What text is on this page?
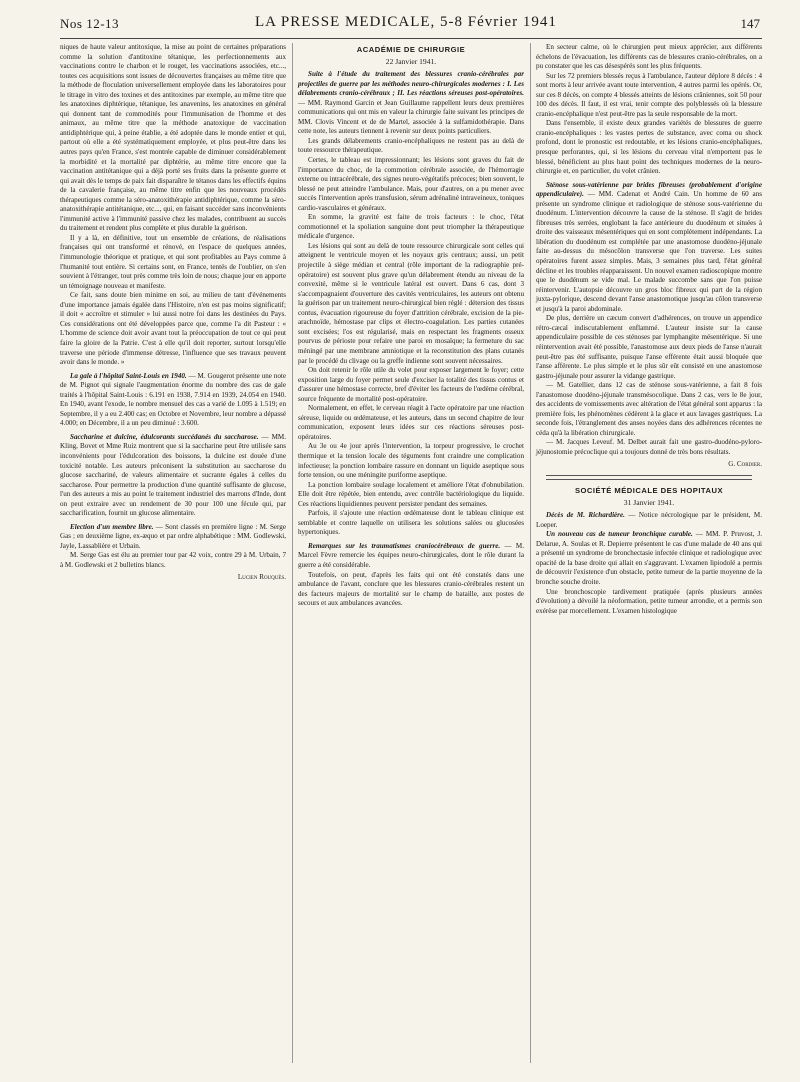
Nos 12-13	LA PRESSE MEDICALE, 5-8 Février 1941	147

niques de haute valeur antitoxique, la mise au point de certaines préparations comme la solution d'antitoxine tétanique, les perfectionnements aux vaccinations contre le charbon et le rouget, les vaccinations associées, etc..., toutes ces acquisitions sont issues de découvertes françaises au même titre que la méthode de floculation universellement employée dans les laboratoires pour le titrage in vitro des toxines et des antitoxines par exemple, au même titre que les anatoxines diphtérique, tétanique, les anavenins, les anatoxines en général qui donnent tant de commodités pour l'immunisation de l'homme et des animaux, au même titre que la méthode anatoxique de vaccination antidiphtérique qui, à peine établie, a été adoptée dans le monde entier et qui, partout où elle a été systématiquement employée, et plus peut-être dans les autres pays qu'en France, s'est montrée capable de diminuer considérablement la morbidité et la mortalité par diphtérie, au même titre encore que la vaccination antitétanique qui a déjà porté ses fruits dans la présente guerre et qui avait dès le temps de paix fait disparaître le tétanos dans les effectifs équins de la cavalerie française, au même titre enfin que les nouveaux procédés thérapeutiques comme la séro-anatoxithérapie antidiphtérique, comme la séro-anatoxithérapie antitétanique, etc..., qui, en faisant succéder sans inconvénients l'immunité active à l'immunité passive chez les malades, contribuent au succès du traitement et rendent plus complète et plus durable la guérison.

Il y a là, en définitive, tout un ensemble de créations, de réalisations françaises qui ont transformé et rénové, en l'espace de quelques années, l'immunologie théorique et pratique, et qui sont profitables au Pays comme à l'humanité tout entière. Si certains sont, en France, tentés de l'oublier, on s'en souvient à l'étranger, tout près comme très loin de nous; chaque jour en apporte un témoignage nouveau et manifeste.

Ce fait, sans doute bien minime en soi, au milieu de tant d'événements d'une importance jamais égalée dans l'Histoire, n'en est pas moins significatif; il doit « accroître et stimuler » lui aussi notre foi dans les destinées du Pays. Ces considérations ont été développées parce que, comme l'a dit Pasteur : « L'homme de science doit avoir avant tout la préoccupation de tout ce qui peut faire la gloire de la Patrie. C'est à elle qu'il doit reporter, surtout lorsqu'elle traverse une période d'immense détresse, l'influence que ses travaux peuvent avoir dans le monde. »

La gale à l'hôpital Saint-Louis en 1940. — M. Gougerot présente une note de M. Pignot qui signale l'augmentation énorme du nombre des cas de gale traités à l'hôpital Saint-Louis : 6.191 en 1938, 7.914 en 1939, 24.054 en 1940. En 1940, avant l'exode, le nombre mensuel des cas a varié de 1.095 à 1.519; en Septembre, il y a eu 2.400 cas; en Octobre et Novembre, leur nombre a dépassé 4.000; en Décembre, il a un peu diminué : 3.600.

Saccharine et dulcine, édulcorants succédanés du saccharose. — MM. Kling, Bovet et Mme Ruiz montrent que si la saccharine peut être utilisée sans inconvénients pour l'édulcoration des boissons, la dulcine est douée d'une toxicité notable. Les auteurs préconisent la substitution au saccharose du glucose sacchariné, de valeurs alimentaire et sucrante égales à celles du saccharose. Pour permettre la production d'une quantité suffisante de glucose, l'un des auteurs a mis au point le traitement industriel des marrons d'Inde, dont on peut extraire avec un rendement de 30 pour 100 une fécule qui, par saccharification, fournit un glucose alimentaire.

Election d'un membre libre. — Sont classés en première ligne : M. Serge Gas ; en deuxième ligne, ex-æquo et par ordre alphabétique : MM. Godlewski, Jayle, Lassablière et Urbain.

M. Serge Gas est élu au premier tour par 42 voix, contre 29 à M. Urbain, 7 à M. Godlewski et 2 bulletins blancs.

Lucien Rouquès.
ACADÉMIE DE CHIRURGIE
22 Janvier 1941.

Suite à l'étude du traitement des blessures cranio-cérébrales par projectiles de guerre par les méthodes neuro-chirurgicales modernes : I. Les délabrements cranio-cérébraux ; II. Les réactions séreuses post-opératoires. — MM. Raymond Garcin et Jean Guillaume rappellent leurs deux premières communications qui ont mis en valeur la chirurgie faite suivant les principes de MM. Clovis Vincent et de de Martel, associée à la sulfamidothérapie. Dans cette note, les auteurs tiennent à revenir sur deux points particuliers.

Les grands délabrements cranio-encéphaliques ne restent pas au delà de toute ressource thérapeutique.

Certes, le tableau est impressionnant; les lésions sont graves du fait de l'importance du choc, de la commotion cérébrale associée, de l'hémorragie externe ou intracérébrale, des signes neuro-végétatifs précoces; bien souvent, le blessé ne peut atteindre l'ambulance. Mais, pour d'autres, on a pu mener avec succès l'intervention après transfusion, sérum adrénaliné intraveineux, toniques cardio-vasculaires et généraux.

En somme, la gravité est faite de trois facteurs : le choc, l'état commotionnel et la spoliation sanguine dont peut triompher la thérapeutique médicale d'urgence.

Les lésions qui sont au delà de toute ressource chirurgicale sont celles qui atteignent le ventricule moyen et les noyaux gris centraux; aussi, un petit projectile à siège médian et central (rôle important de la radiographie pré-opératoire) est souvent plus grave qu'un délabrement étendu au niveau de la convexité, même si le ventricule latéral est ouvert. Dans 6 cas, dont 3 s'accompagnaient d'ouverture des cavités ventriculaires, les auteurs ont obtenu la guérison par un traitement neuro-chirurgical bien réglé : détersion des tissus contus, évacuation rigoureuse du foyer d'attrition cérébrale, excision de la pie-arachnoïde, hémostase par clips et électro-coagulation. Les parties cutanées sont excisées; l'os est régularisé, mais en respectant les fragments osseux pourvus de périoste pour refaire une paroi en mosaïque; la fermeture du sac méningé par une membrane amniotique et la reconstitution des plans cutanés par le procédé du clivage ou la greffe indienne sont souvent nécessaires.

On doit retenir le rôle utile du volet pour exposer largement le foyer; cette exposition large du foyer permet seule d'exciser la totalité des tissus contus et d'assurer une hémostase correcte, bref d'éviter les facteurs de l'œdème cérébral, source fréquente de mortalité post-opératoire.

Normalement, en effet, le cerveau réagit à l'acte opératoire par une réaction séreuse, liquide ou œdémateuse, et les auteurs, dans un second chapitre de leur communication, exposent leurs idées sur ces réactions séreuses post-opératoires.

Au 3e ou 4e jour après l'intervention, la torpeur progressive, le crochet thermique et la tension locale des téguments font craindre une complication infectieuse; la ponction lombaire rassure en donnant un liquide aseptique sous forte tension, ou une méningite puriforme aseptique.

La ponction lombaire soulage localement et améliore l'état d'obnubilation. Elle doit être répétée, bien entendu, avec contrôle bactériologique du liquide. Ces réactions liquidiennes peuvent persister pendant des semaines.

Parfois, il s'ajoute une réaction œdémateuse dont le tableau clinique est semblable et contre laquelle on utilisera les solutions salées ou glucosées hypertoniques.

Remarques sur les traumatismes craniocérébraux de guerre. — M. Marcel Fèvre remercie les équipes neuro-chirurgicales, dont le rôle durant la guerre a été considérable.

Toutefois, on peut, d'après les faits qui ont été constatés dans une ambulance de l'avant, conclure que les blessures cranio-cérébrales restent un des facteurs majeurs de mortalité sur le champ de bataille, aux postes de secours et aux ambulances avancées.

En secteur calme, où le chirurgien peut mieux apprécier, aux différents échelons de l'évacuation, les différents cas de blessures cranio-cérébrales, on a pu constater que les cas désespérés sont les plus fréquents.

Sur les 72 premiers blessés reçus à l'ambulance, l'auteur déplore 8 décès : 4 sont morts à leur arrivée avant toute intervention, 4 autres parmi les opérés. Or, sur ces 8 décès, on compte 4 blessés atteints de lésions crâniennes, soit 50 pour 100 des décès. Il faut, il est vrai, tenir compte des polyblessés où la blessure cranio-encéphalique n'est peut-être pas la seule responsable de la mort.

Dans l'ensemble, il existe deux grandes variétés de blessures de guerre cranio-encéphaliques : les vastes pertes de substance, avec coma ou shock profond, dont le pronostic est redoutable, et les lésions cranio-encéphaliques, presque perforantes, qui, si les lésions du cerveau vital n'emportent pas le blessé, bénéficient au plus haut point des techniques modernes de la neuro-chirurgie et, en particulier, du volet crânien.

Sténose sous-vatérienne par brides fibreuses (probablement d'origine appendiculaire). — MM. Cadenat et André Cain. Un homme de 60 ans présente un syndrome clinique et radiologique de sténose sous-vatérienne du duodénum. L'intervention découvre la cause de la sténose. Il s'agit de brides fibreuses très serrées, englobant la face antérieure du duodénum et situées à droite des vaisseaux mésentériques qui en sont complètement indépendants. La libération du duodénum est complétée par une anastomose duodéno-jéjunale faite au-dessus du mésocôlon transverse que l'on traverse. Les suites opératoires furent assez simples. Mais, 3 semaines plus tard, l'état général décline et les troubles réapparaissent. Un nouvel examen radioscopique montre que le duodénum se vide mal. Le malade succombe sans que l'on puisse réintervenir. L'autopsie découvre un gros bloc fibreux qui part de la région juxta-pylorique, descend devant l'anse anastomotique jusqu'au côlon transverse et jusqu'à la paroi abdominale.

De plus, derrière un cæcum convert d'adhérences, on trouve un appendice rétro-cæcal indiscutablement enflammé. L'auteur insiste sur la cause appendiculaire possible de ces sténoses par lymphangite mésentérique. Si une réintervention avait été possible, l'anastomose aux deux pieds de l'anse n'aurait peut-être pas été suffisante, puisque l'anse efférente était aussi bloquée que l'anse afférente. Le plus simple et le plus sûr eût consisté en une anastomose gastro-jéjunale pour assurer la vidange gastrique.

— M. Gatellier, dans 12 cas de sténose sous-vatérienne, a fait 8 fois l'anastomose duodéno-jéjunale transmésocolique. Dans 2 cas, vers le 8e jour, des accidents de vomissements avec altération de l'état général sont apparus : la première fois, les phénomènes cédèrent à la glace et aux lavages gastriques. La seconde fois, l'étranglement des anses noyées dans des adhérences récentes ne céda qu'à la libération chirurgicale.

— M. Jacques Leveuf. M. Delbet aurait fait une gastro-duodéno-pyloro-jéjunostomie précoclique qui a toujours donné de très bons résultats.

G. Cordier.
SOCIÉTÉ MÉDICALE DES HOPITAUX
31 Janvier 1941.

Décès de M. Richardière. — Notice nécrologique par le président, M. Loeper.

Un nouveau cas de tumeur bronchique curable. — MM. P. Pruvost, J. Delarue, A. Soulas et R. Depierre présentent le cas d'une malade de 40 ans qui a présenté un syndrome de bronchectasie infectée clinique et radiologique avec opacité de la base droite qui allait en s'aggravant. L'examen lipiodolé a permis de découvrir l'existence d'un obstacle, petite tumeur de la partie moyenne de la bronche souche droite.

Une bronchoscopie tardivement pratiquée (après plusieurs années d'évolution) a dévoilé la néoformation, petite tumeur arrondie, et a permis son exérèse par morcellement. L'examen histologique
